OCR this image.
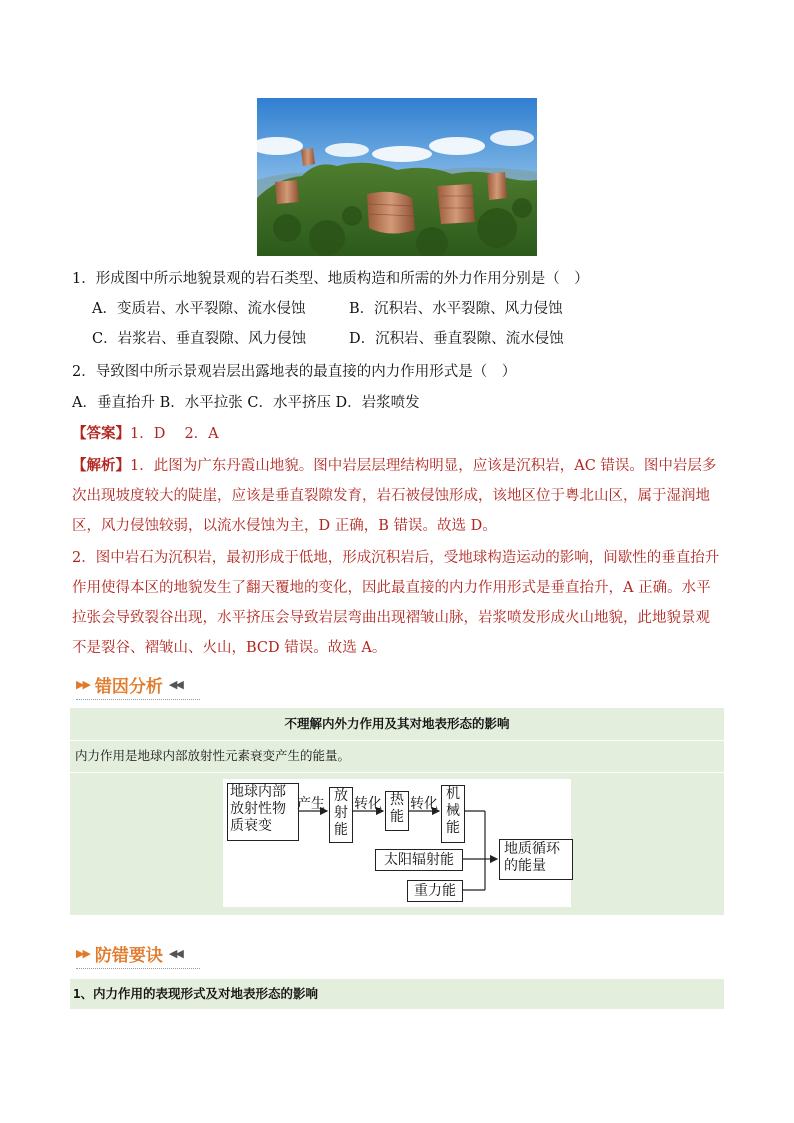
1．形成图中所示地貌景观的岩石类型、地质构造和所需的外力作用分别是（　）
A．变质岩、水平裂隙、流水侵蚀	B．沉积岩、水平裂隙、风力侵蚀
C．岩浆岩、垂直裂隙、风力侵蚀	D．沉积岩、垂直裂隙、流水侵蚀
2．导致图中所示景观岩层出露地表的最直接的内力作用形式是（　）
A．垂直抬升 B．水平拉张 C．水平挤压 D．岩浆喷发
【答案】1．D　 2．A
【解析】1．此图为广东丹霞山地貌。图中岩层层理结构明显，应该是沉积岩，AC 错误。图中岩层多次出现坡度较大的陡崖，应该是垂直裂隙发育，岩石被侵蚀形成，该地区位于粤北山区，属于湿润地区，风力侵蚀较弱，以流水侵蚀为主，D 正确，B 错误。故选 D。
2．图中岩石为沉积岩，最初形成于低地，形成沉积岩后，受地球构造运动的影响，间歇性的垂直抬升作用使得本区的地貌发生了翻天覆地的变化，因此最直接的内力作用形式是垂直抬升，A 正确。水平拉张会导致裂谷出现，水平挤压会导致岩层弯曲出现褶皱山脉，岩浆喷发形成火山地貌，此地貌景观不是裂谷、褶皱山、火山，BCD 错误。故选 A。
▶▶ 错因分析 ◀◀
不理解内外力作用及其对地表形态的影响
内力作用是地球内部放射性元素衰变产生的能量。
地球内部放射性物质衰变
产生 放射能
转化 热能
转化
机械能
太阳辐射能
重力能
地质循环的能量
▶▶ 防错要诀 ◀◀
1、内力作用的表现形式及对地表形态的影响
